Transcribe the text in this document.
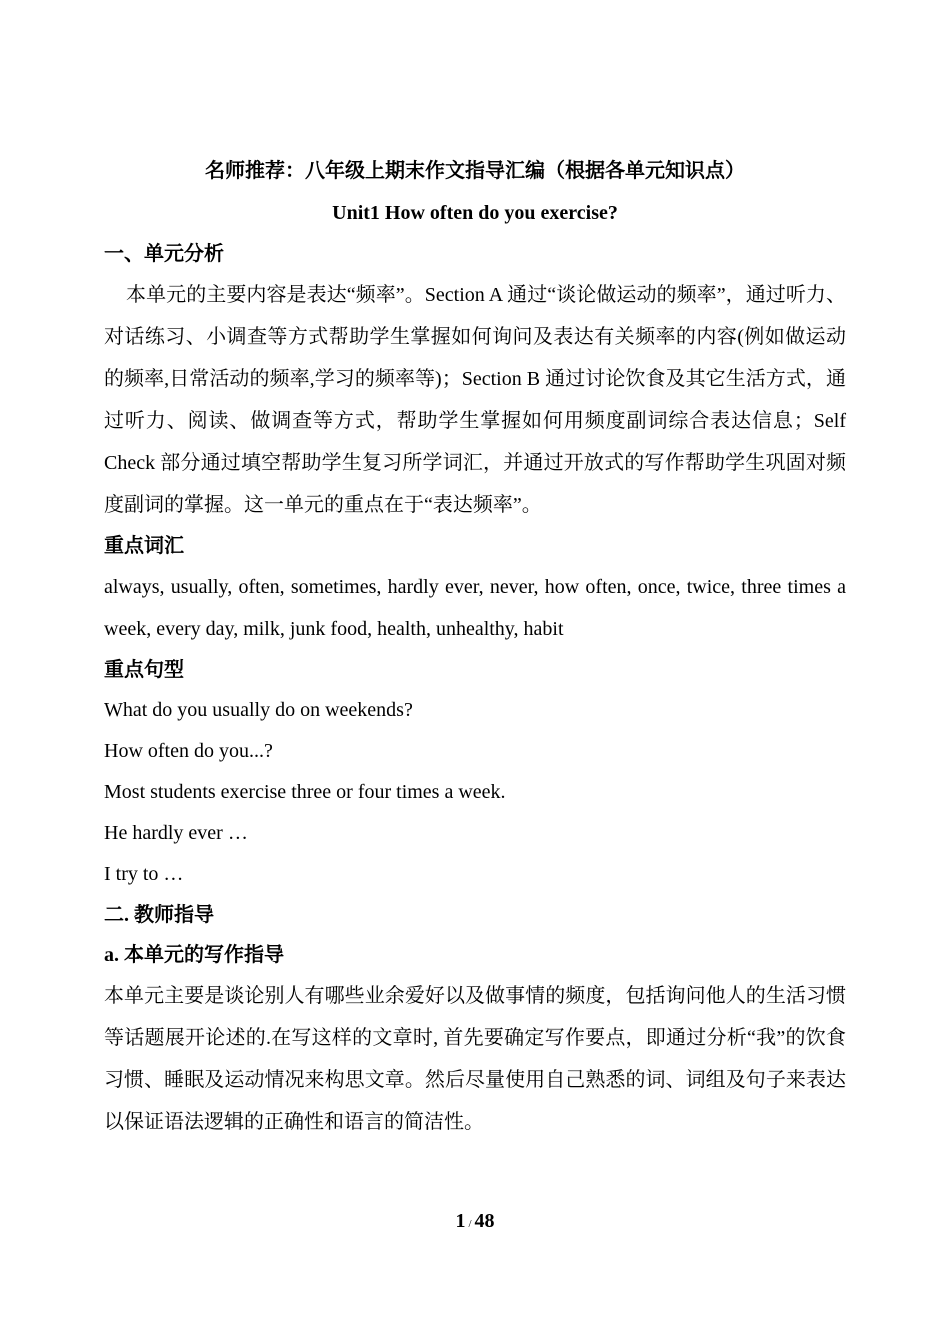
名师推荐：八年级上期末作文指导汇编（根据各单元知识点）

Unit1 How often do you exercise?

一、单元分析

本单元的主要内容是表达“频率”。Section A 通过“谈论做运动的频率”，通过听力、对话练习、小调查等方式帮助学生掌握如何询问及表达有关频率的内容(例如做运动的频率,日常活动的频率,学习的频率等)；Section B 通过讨论饮食及其它生活方式，通过听力、阅读、做调查等方式，帮助学生掌握如何用频度副词综合表达信息；Self Check 部分通过填空帮助学生复习所学词汇，并通过开放式的写作帮助学生巩固对频度副词的掌握。这一单元的重点在于“表达频率”。

重点词汇

always, usually, often, sometimes, hardly ever, never, how often, once, twice, three times a week, every day, milk, junk food, health, unhealthy, habit

重点句型

What do you usually do on weekends?

How often do you...?

Most students exercise three or four times a week.

He hardly ever …

I try to …

二. 教师指导

a. 本单元的写作指导

本单元主要是谈论别人有哪些业余爱好以及做事情的频度，包括询问他人的生活习惯等话题展开论述的.在写这样的文章时, 首先要确定写作要点，即通过分析“我”的饮食习惯、睡眠及运动情况来构思文章。然后尽量使用自己熟悉的词、词组及句子来表达以保证语法逻辑的正确性和语言的简洁性。

1 / 48
